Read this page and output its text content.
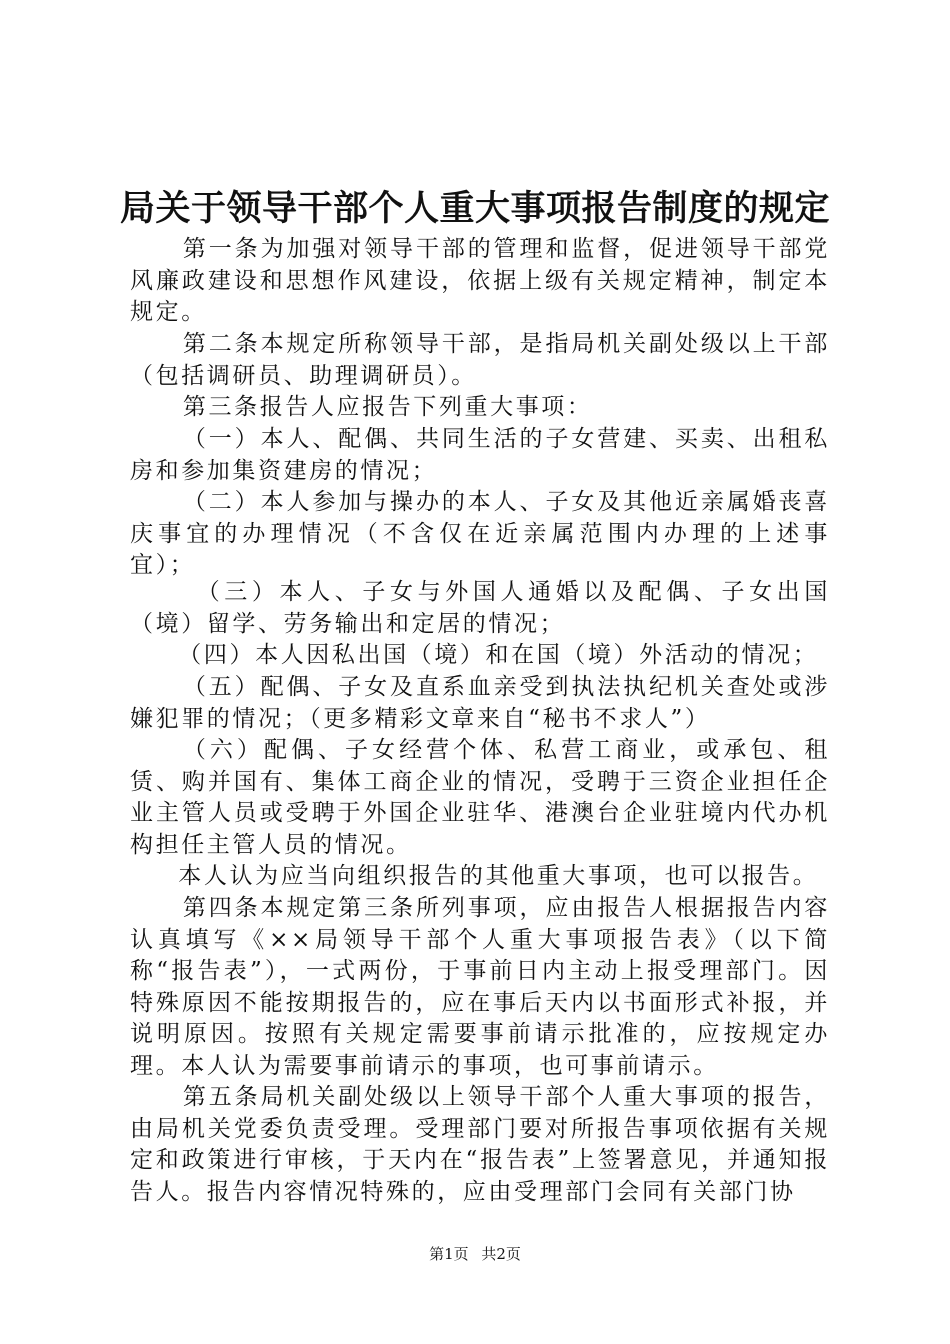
局关于领导干部个人重大事项报告制度的规定

第一条为加强对领导干部的管理和监督，促进领导干部党风廉政建设和思想作风建设，依据上级有关规定精神，制定本规定。

第二条本规定所称领导干部，是指局机关副处级以上干部（包括调研员、助理调研员）。

第三条报告人应报告下列重大事项：

（一）本人、配偶、共同生活的子女营建、买卖、出租私房和参加集资建房的情况；

（二）本人参加与操办的本人、子女及其他近亲属婚丧喜庆事宜的办理情况（不含仅在近亲属范围内办理的上述事宜）；

（三）本人、子女与外国人通婚以及配偶、子女出国（境）留学、劳务输出和定居的情况；

（四）本人因私出国（境）和在国（境）外活动的情况；

（五）配偶、子女及直系血亲受到执法执纪机关查处或涉嫌犯罪的情况；（更多精彩文章来自“秘书不求人”）

（六）配偶、子女经营个体、私营工商业，或承包、租赁、购并国有、集体工商企业的情况，受聘于三资企业担任企业主管人员或受聘于外国企业驻华、港澳台企业驻境内代办机构担任主管人员的情况。

本人认为应当向组织报告的其他重大事项，也可以报告。

第四条本规定第三条所列事项，应由报告人根据报告内容认真填写《××局领导干部个人重大事项报告表》（以下简称“报告表”），一式两份，于事前日内主动上报受理部门。因特殊原因不能按期报告的，应在事后天内以书面形式补报，并说明原因。按照有关规定需要事前请示批准的，应按规定办理。本人认为需要事前请示的事项，也可事前请示。

第五条局机关副处级以上领导干部个人重大事项的报告，由局机关党委负责受理。受理部门要对所报告事项依据有关规定和政策进行审核，于天内在“报告表”上签署意见，并通知报告人。报告内容情况特殊的，应由受理部门会同有关部门协

第1页 共2页
